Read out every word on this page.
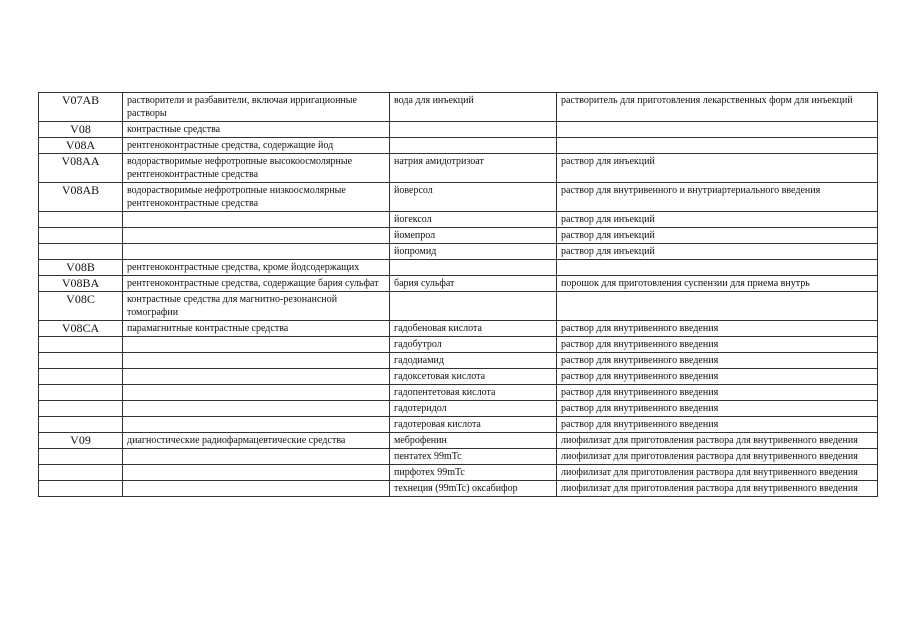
V07AB	растворители и разбавители, включая ирригационные растворы	вода для инъекций	растворитель для приготовления лекарственных форм для инъекций
V08	контрастные средства		
V08A	рентгеноконтрастные средства, содержащие йод		
V08AA	водорастворимые нефротропные высокоосмолярные рентгеноконтрастные средства	натрия амидотризоат	раствор для инъекций
V08AB	водорастворимые нефротропные низкоосмолярные рентгеноконтрастные средства	йоверсол	раствор для внутривенного и внутриартериального введения
		йогексол	раствор для инъекций
		йомепрол	раствор для инъекций
		йопромид	раствор для инъекций
V08B	рентгеноконтрастные средства, кроме йодсодержащих		
V08BA	рентгеноконтрастные средства, содержащие бария сульфат	бария сульфат	порошок для приготовления суспензии для приема внутрь
V08C	контрастные средства для магнитно-резонансной томографии		
V08CA	парамагнитные контрастные средства	гадобеновая кислота	раствор для внутривенного введения
		гадобутрол	раствор для внутривенного введения
		гадодиамид	раствор для внутривенного введения
		гадоксетовая кислота	раствор для внутривенного введения
		гадопентетовая кислота	раствор для внутривенного введения
		гадотеридол	раствор для внутривенного введения
		гадотеровая кислота	раствор для внутривенного введения
V09	диагностические радиофармацевтические средства	меброфенин	лиофилизат для приготовления раствора для внутривенного введения
		пентатех 99mTc	лиофилизат для приготовления раствора для внутривенного введения
		пирфотех 99mTc	лиофилизат для приготовления раствора для внутривенного введения
		технеция (99mTc) оксабифор	лиофилизат для приготовления раствора для внутривенного введения
